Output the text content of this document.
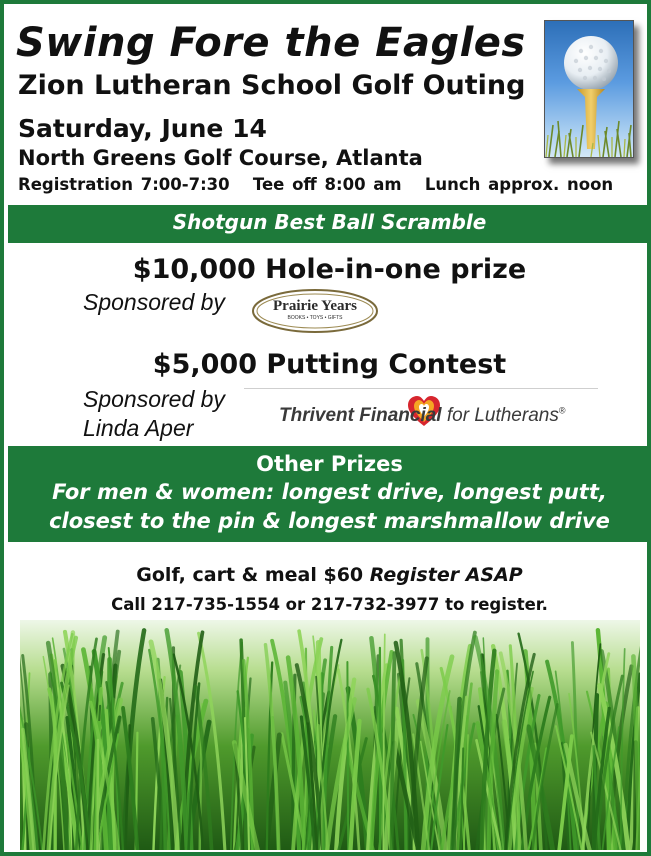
Swing Fore the Eagles
Zion Lutheran School Golf Outing
Saturday, June 14
North Greens Golf Course, Atlanta
Registration 7:00-7:30   Tee off 8:00 am   Lunch approx. noon
Shotgun Best Ball Scramble
$10,000 Hole-in-one prize
Sponsored by	Prairie Years
BOOKS • TOYS • GIFTS
$5,000 Putting Contest
Sponsored by
Linda Aper	Thrivent Financial for Lutherans®
Other Prizes
For men & women: longest drive, longest putt,
closest to the pin & longest marshmallow drive
Golf, cart & meal $60 Register ASAP
Call 217-735-1554 or 217-732-3977 to register.
